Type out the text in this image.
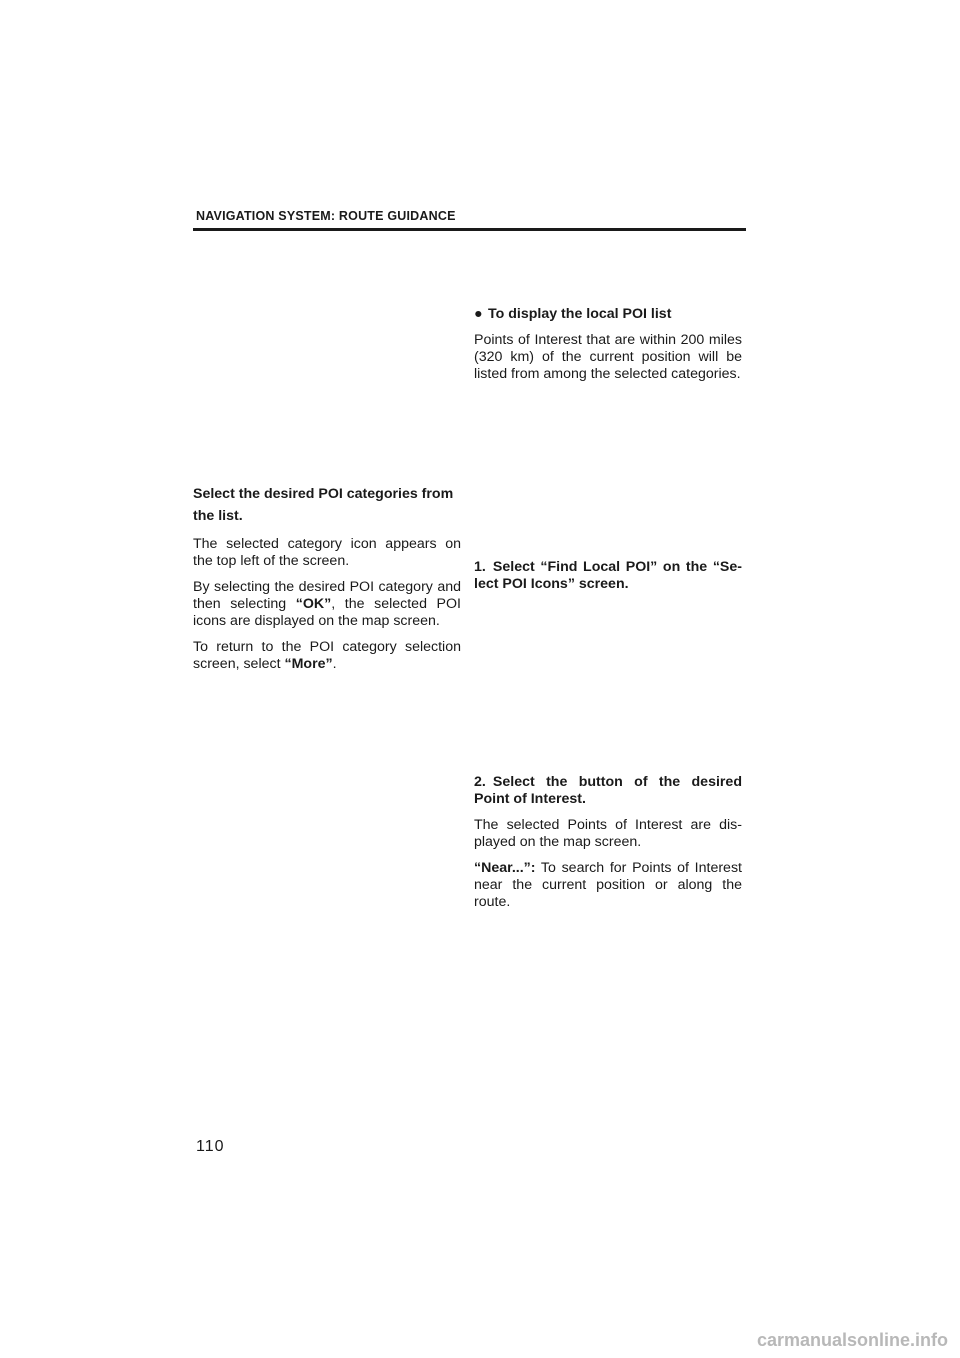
NAVIGATION SYSTEM: ROUTE GUIDANCE

Select the desired POI categories from
the list.

The selected category icon appears on the top left of the screen.

By selecting the desired POI category and then selecting “OK”, the selected POI icons are displayed on the map screen.

To return to the POI category selection screen, select “More”.

● To display the local POI list

Points of Interest that are within 200 miles (320 km) of the current position will be listed from among the selected categories.

1. Select “Find Local POI” on the “Se- lect POI Icons” screen.

2. Select the button of the desired Point of Interest.

The selected Points of Interest are dis- played on the map screen.

“Near...”: To search for Points of Interest near the current position or along the route.

110
carmanualsonline.info
